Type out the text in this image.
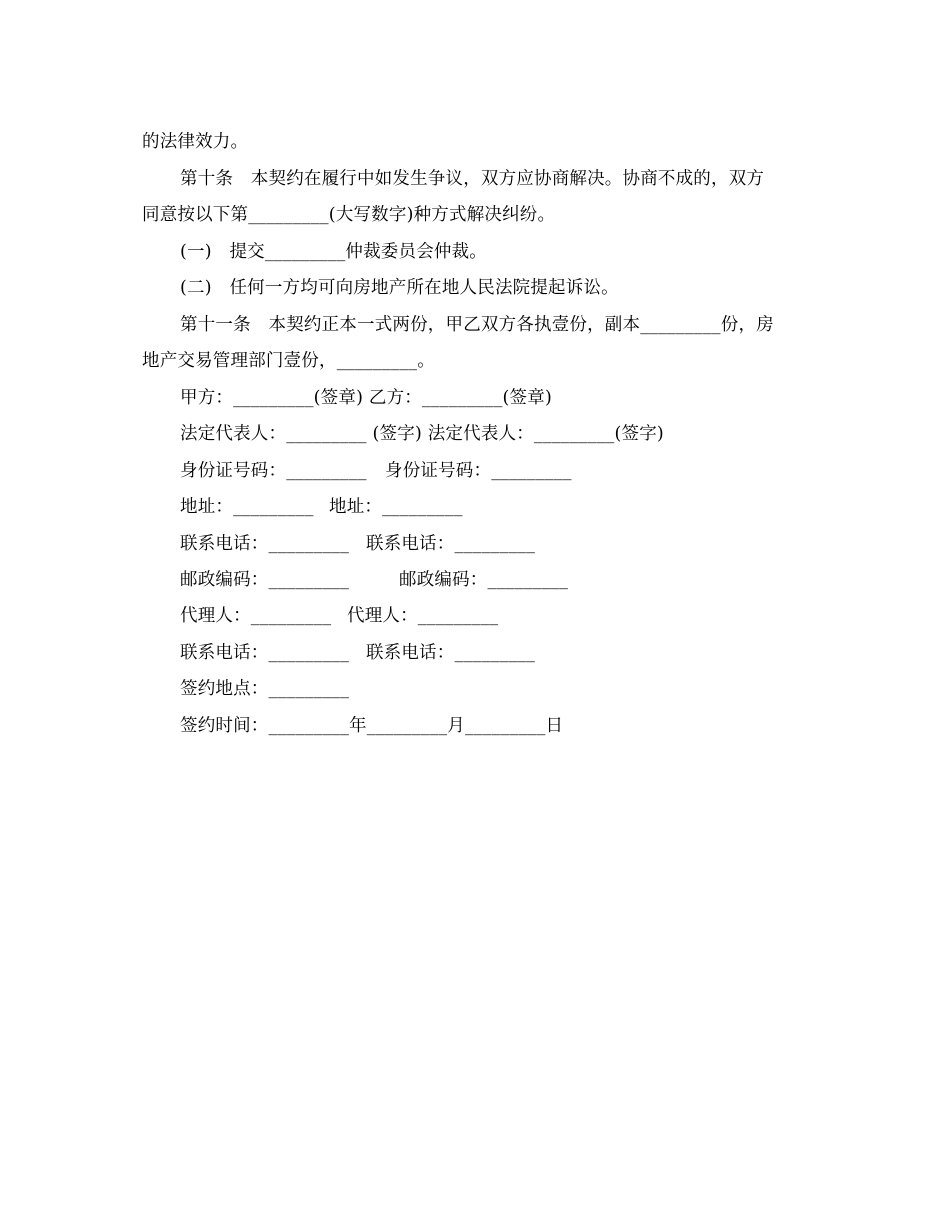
的法律效力。
第十条　本契约在履行中如发生争议，双方应协商解决。协商不成的，双方
同意按以下第_________(大写数字)种方式解决纠纷。
(一)　提交_________仲裁委员会仲裁。
(二)　任何一方均可向房地产所在地人民法院提起诉讼。
第十一条　本契约正本一式两份，甲乙双方各执壹份，副本_________份，房
地产交易管理部门壹份，_________。
甲方：_________(签章) 乙方：_________(签章)
法定代表人：_________ (签字) 法定代表人：_________(签字)
身份证号码：_________ 身份证号码：_________
地址：_________ 地址：_________
联系电话：_________ 联系电话：_________
邮政编码：_________	邮政编码：_________
代理人：_________ 代理人：_________
联系电话：_________ 联系电话：_________
签约地点：_________
签约时间：_________年_________月_________日
